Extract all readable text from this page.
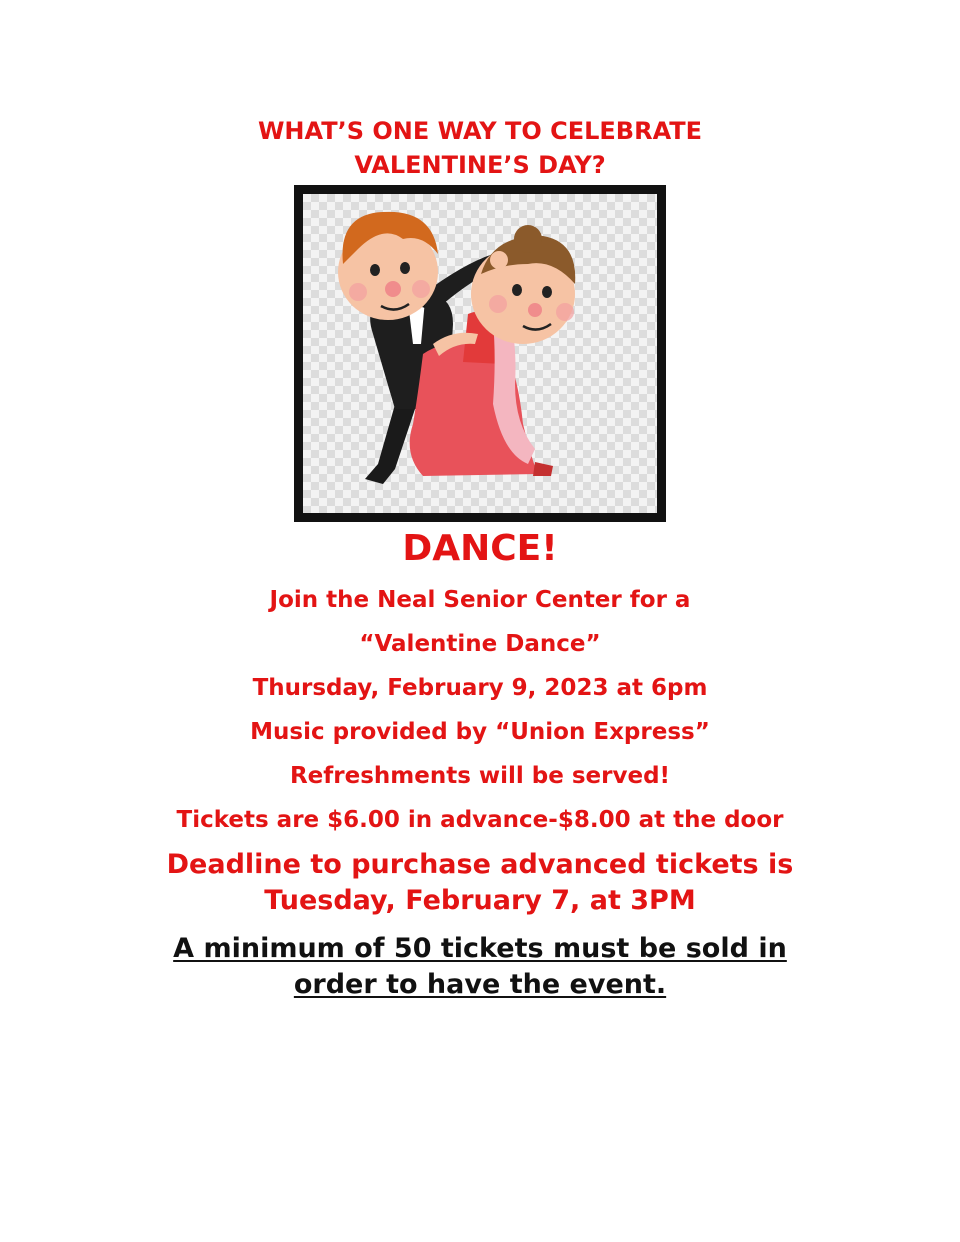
WHAT’S ONE WAY TO CELEBRATE
VALENTINE’S DAY?
DANCE!
Join the Neal Senior Center for a
“Valentine Dance”
Thursday, February 9, 2023 at 6pm
Music provided by “Union Express”
Refreshments will be served!
Tickets are $6.00 in advance-$8.00 at the door
Deadline to purchase advanced tickets is
Tuesday, February 7, at 3PM
A minimum of 50 tickets must be sold in
order to have the event.
